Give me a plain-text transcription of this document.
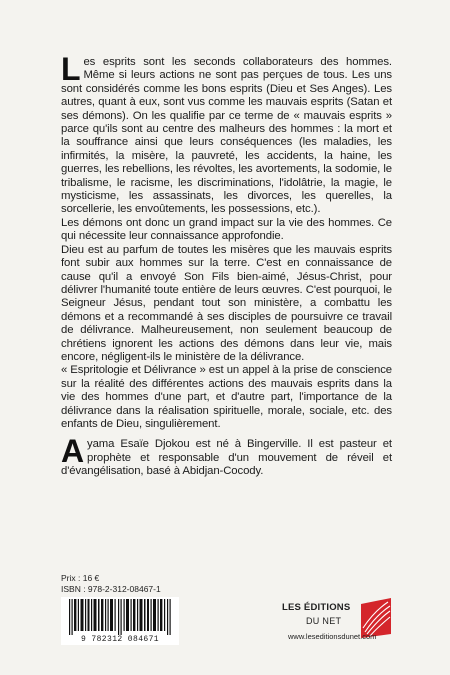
Les esprits sont les seconds collaborateurs des hommes. Même si leurs actions ne sont pas perçues de tous. Les uns sont considérés comme les bons esprits (Dieu et Ses Anges). Les autres, quant à eux, sont vus comme les mauvais esprits (Satan et ses démons). On les qualifie par ce terme de « mauvais esprits » parce qu'ils sont au centre des malheurs des hommes : la mort et la souffrance ainsi que leurs conséquences (les maladies, les infirmités, la misère, la pauvreté, les accidents, la haine, les guerres, les rebellions, les révoltes, les avortements, la sodomie, le tribalisme, le racisme, les discriminations, l'idolâtrie, la magie, le mysticisme, les assassinats, les divorces, les querelles, la sorcellerie, les envoûtements, les possessions, etc.).

Les démons ont donc un grand impact sur la vie des hommes. Ce qui nécessite leur connaissance approfondie.

Dieu est au parfum de toutes les misères que les mauvais esprits font subir aux hommes sur la terre. C'est en connaissance de cause qu'il a envoyé Son Fils bien-aimé, Jésus-Christ, pour délivrer l'humanité toute entière de leurs œuvres. C'est pourquoi, le Seigneur Jésus, pendant tout son ministère, a combattu les démons et a recommandé à ses disciples de poursuivre ce travail de délivrance. Malheureusement, non seulement beaucoup de chrétiens ignorent les actions des démons dans leur vie, mais encore, négligent-ils le ministère de la délivrance.

« Espritologie et Délivrance » est un appel à la prise de conscience sur la réalité des différentes actions des mauvais esprits dans la vie des hommes d'une part, et d'autre part, l'importance de la délivrance dans la réalisation spirituelle, morale, sociale, etc. des enfants de Dieu, singulièrement.

Ayama Esaïe Djokou est né à Bingerville. Il est pasteur et prophète et responsable d'un mouvement de réveil et d'évangélisation, basé à Abidjan-Cocody.

Prix : 16 €
ISBN : 978-2-312-08467-1
9 782312 084671
LES ÉDITIONS
DU NET
www.leseditionsdunet.com
